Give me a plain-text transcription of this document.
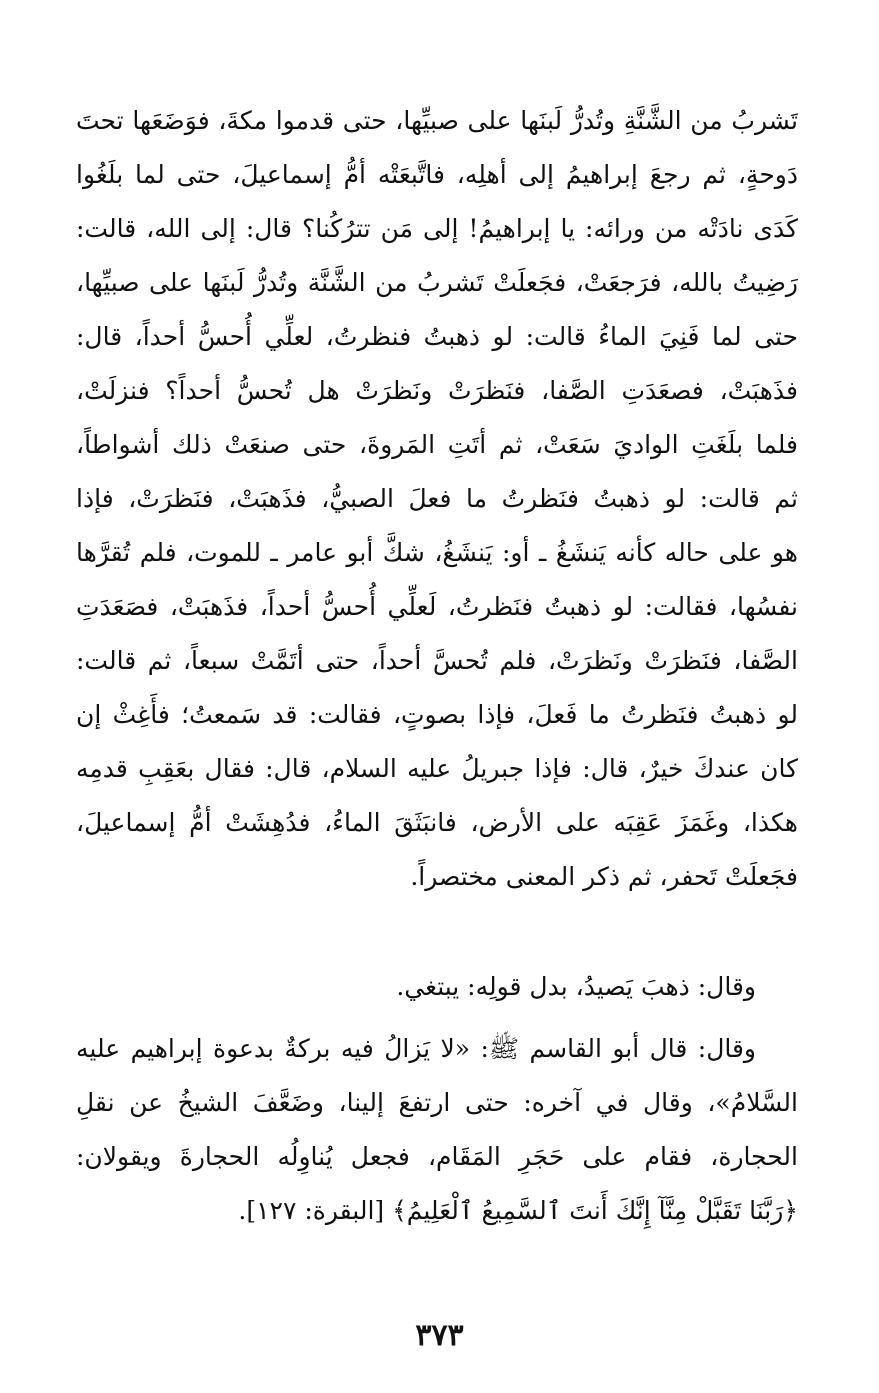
تَشربُ من الشَّنَّةِ وتُدرُّ لَبنَها على صبيِّها، حتى قدموا مكةَ، فوَضَعَها تحتَ
دَوحةٍ، ثم رجعَ إبراهيمُ إلى أهلِه، فاتَّبعَتْه أمُّ إسماعيلَ، حتى لما بلَغُوا
كَدَى نادَتْه من ورائه: يا إبراهيمُ! إلى مَن تترُكُنا؟ قال: إلى الله، قالت:
رَضِيتُ بالله، فرَجعَتْ، فجَعلَتْ تَشربُ من الشَّنَّة وتُدرُّ لَبنَها على صبيِّها،
حتى لما فَنِيَ الماءُ قالت: لو ذهبتُ فنظرتُ، لعلِّي أُحسُّ أحداً، قال:
فذَهبَتْ، فصعَدَتِ الصَّفا، فنَظرَتْ ونَظرَتْ هل تُحسُّ أحداً؟ فنزلَتْ،
فلما بلَغَتِ الواديَ سَعَتْ، ثم أتَتِ المَروةَ، حتى صنعَتْ ذلك أشواطاً،
ثم قالت: لو ذهبتُ فنَظرتُ ما فعلَ الصبيُّ، فذَهبَتْ، فنَظرَتْ، فإذا
هو على حاله كأنه يَنشَغُ ـ أو: يَنشَغُ، شكَّ أبو عامر ـ للموت، فلم تُقرَّها
نفسُها، فقالت: لو ذهبتُ فنَظرتُ، لَعلِّي أُحسُّ أحداً، فذَهبَتْ، فصَعَدَتِ
الصَّفا، فنَظرَتْ ونَظرَتْ، فلم تُحسَّ أحداً، حتى أتَمَّتْ سبعاً، ثم قالت:
لو ذهبتُ فنَظرتُ ما فَعلَ، فإذا بصوتٍ، فقالت: قد سَمعتُ؛ فأَغِثْ إن
كان عندكَ خيرٌ، قال: فإذا جبريلُ عليه السلام، قال: فقال بعَقِبِ قدمِه
هكذا، وغَمَزَ عَقِبَه على الأرض، فانبَثَقَ الماءُ، فدُهِشَتْ أمُّ إسماعيلَ،
فجَعلَتْ تَحفر، ثم ذكر المعنى مختصراً.
وقال: ذهبَ يَصيدُ، بدل قولِه: يبتغي.
وقال: قال أبو القاسم ﷺ: «لا يَزالُ فيه بركةٌ بدعوة إبراهيم عليه
السَّلامُ»، وقال في آخره: حتى ارتفعَ إلينا، وضَعَّفَ الشيخُ عن نقلِ
الحجارة، فقام على حَجَرِ المَقَام، فجعل يُناوِلُه الحجارةَ ويقولان:
﴿رَبَّنَا تَقَبَّلْ مِنَّآ إِنَّكَ أَنتَ ٱلسَّمِيعُ ٱلْعَلِيمُ﴾ [البقرة: ١٢٧].
٣٧٣
